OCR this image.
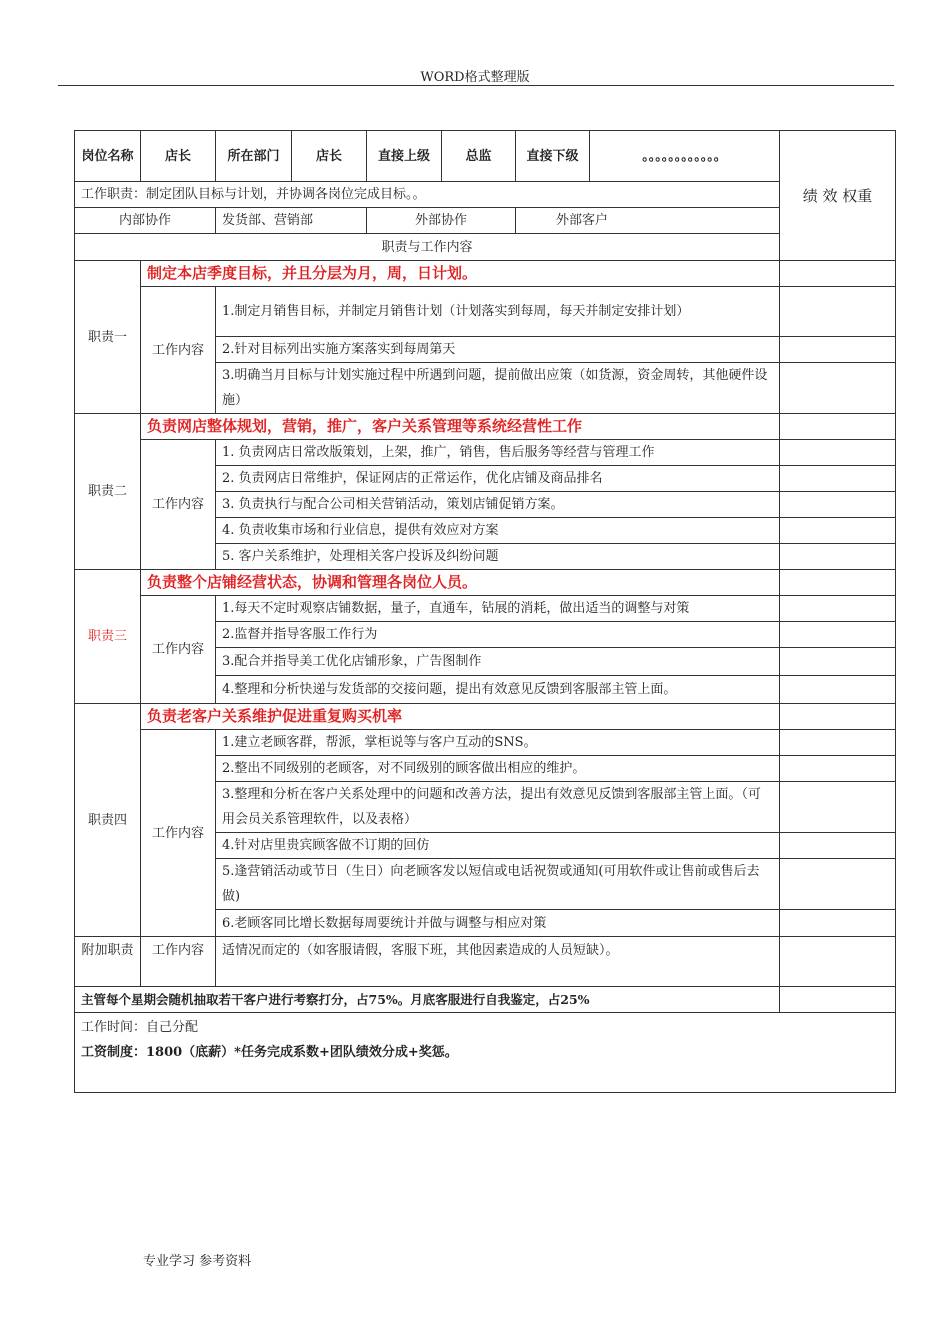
WORD格式整理版
岗位名称	店长	所在部门	店长	直接上级	总监	直接下级	。。。。。。。。。。。。	绩 效 权重
工作职责：制定团队目标与计划，并协调各岗位完成目标。。								
内部协作		发货部、营销部		外部协作		外部客户		
职责与工作内容								
职责一	制定本店季度目标，并且分层为月，周，日计划。							
	工作内容	1.制定月销售目标，并制定月销售计划（计划落实到每周，每天并制定安排计划）						
		2.针对目标列出实施方案落实到每周第天						
		3.明确当月目标与计划实施过程中所遇到问题，提前做出应策（如货源，资金周转，其他硬件设施）						
职责二	负责网店整体规划，营销，推广，客户关系管理等系统经营性工作							
	工作内容	1. 负责网店日常改版策划，上架，推广，销售，售后服务等经营与管理工作						
		2. 负责网店日常维护，保证网店的正常运作，优化店铺及商品排名						
		3. 负责执行与配合公司相关营销活动，策划店铺促销方案。						
		4. 负责收集市场和行业信息，提供有效应对方案						
		5. 客户关系维护，处理相关客户投诉及纠纷问题						
职责三	负责整个店铺经营状态，协调和管理各岗位人员。							
	工作内容	1.每天不定时观察店铺数据，量子，直通车，钻展的消耗，做出适当的调整与对策						
		2.监督并指导客服工作行为						
		3.配合并指导美工优化店铺形象，广告图制作						
		4.整理和分析快递与发货部的交接问题，提出有效意见反馈到客服部主管上面。						
职责四	负责老客户关系维护促进重复购买机率							
	工作内容	1.建立老顾客群，帮派，掌柜说等与客户互动的SNS。						
		2.整出不同级别的老顾客，对不同级别的顾客做出相应的维护。						
		3.整理和分析在客户关系处理中的问题和改善方法，提出有效意见反馈到客服部主管上面。（可用会员关系管理软件，以及表格）						
		4.针对店里贵宾顾客做不订期的回仿						
		5.逢营销活动或节日（生日）向老顾客发以短信或电话祝贺或通知(可用软件或让售前或售后去做)						
		6.老顾客同比增长数据每周要统计并做与调整与相应对策						
附加职责	工作内容	适情况而定的（如客服请假，客服下班，其他因素造成的人员短缺）。						
主管每个星期会随机抽取若干客户进行考察打分，占75%。月底客服进行自我鉴定，占25%								

工作时间：自己分配
工资制度：1800（底薪）*任务完成系数+团队绩效分成+奖惩。								
专业学习 参考资料
